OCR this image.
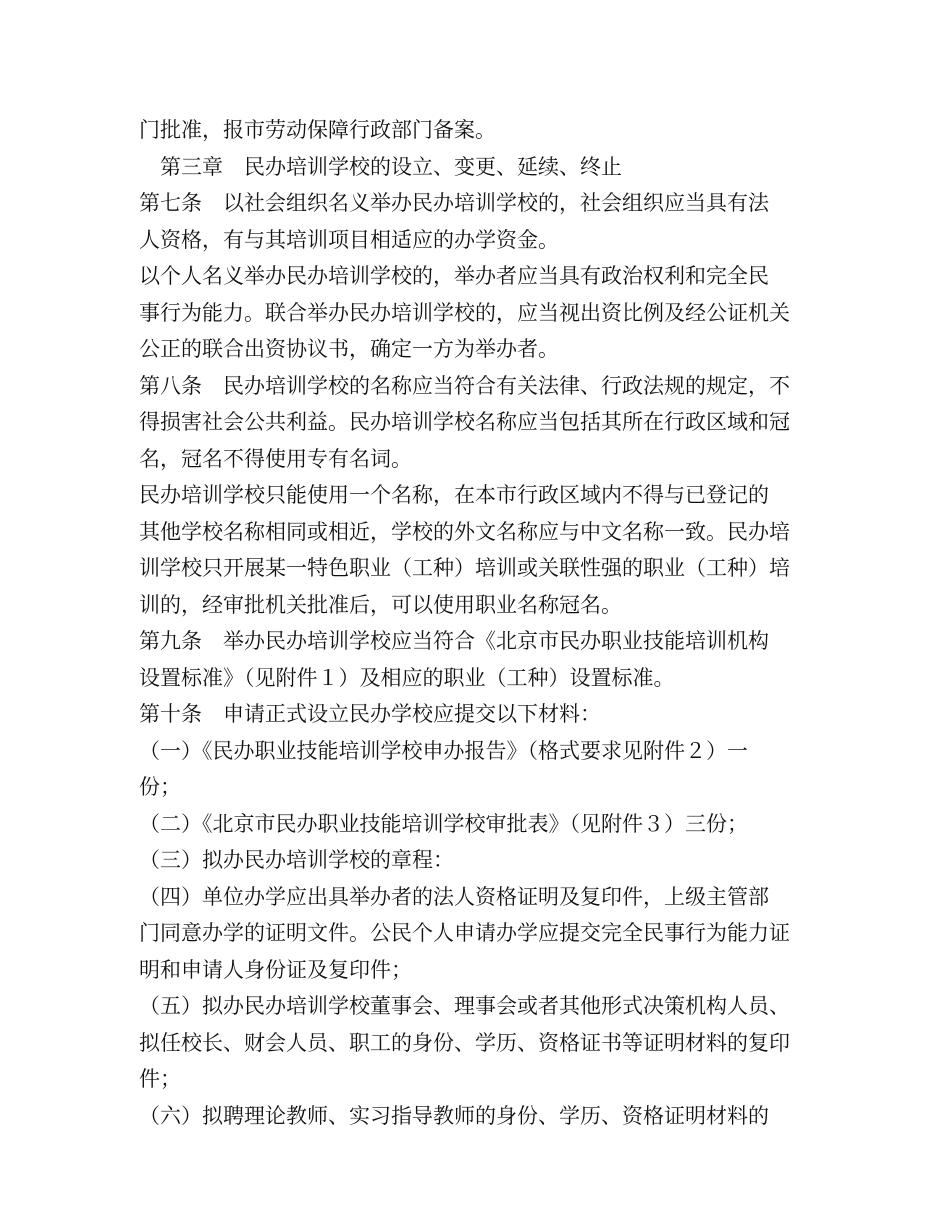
门批准，报市劳动保障行政部门备案。
　第三章　民办培训学校的设立、变更、延续、终止
第七条　以社会组织名义举办民办培训学校的，社会组织应当具有法
人资格，有与其培训项目相适应的办学资金。
以个人名义举办民办培训学校的，举办者应当具有政治权利和完全民
事行为能力。联合举办民办培训学校的，应当视出资比例及经公证机关
公正的联合出资协议书，确定一方为举办者。
第八条　民办培训学校的名称应当符合有关法律、行政法规的规定，不
得损害社会公共利益。民办培训学校名称应当包括其所在行政区域和冠
名，冠名不得使用专有名词。
民办培训学校只能使用一个名称，在本市行政区域内不得与已登记的
其他学校名称相同或相近，学校的外文名称应与中文名称一致。民办培
训学校只开展某一特色职业（工种）培训或关联性强的职业（工种）培
训的，经审批机关批准后，可以使用职业名称冠名。
第九条　举办民办培训学校应当符合《北京市民办职业技能培训机构
设置标准》（见附件１）及相应的职业（工种）设置标准。
第十条　申请正式设立民办学校应提交以下材料：
（一）《民办职业技能培训学校申办报告》（格式要求见附件２）一
份；
（二）《北京市民办职业技能培训学校审批表》（见附件３）三份；
（三）拟办民办培训学校的章程：
（四）单位办学应出具举办者的法人资格证明及复印件，上级主管部
门同意办学的证明文件。公民个人申请办学应提交完全民事行为能力证
明和申请人身份证及复印件；
（五）拟办民办培训学校董事会、理事会或者其他形式决策机构人员、
拟任校长、财会人员、职工的身份、学历、资格证书等证明材料的复印
件；
（六）拟聘理论教师、实习指导教师的身份、学历、资格证明材料的
